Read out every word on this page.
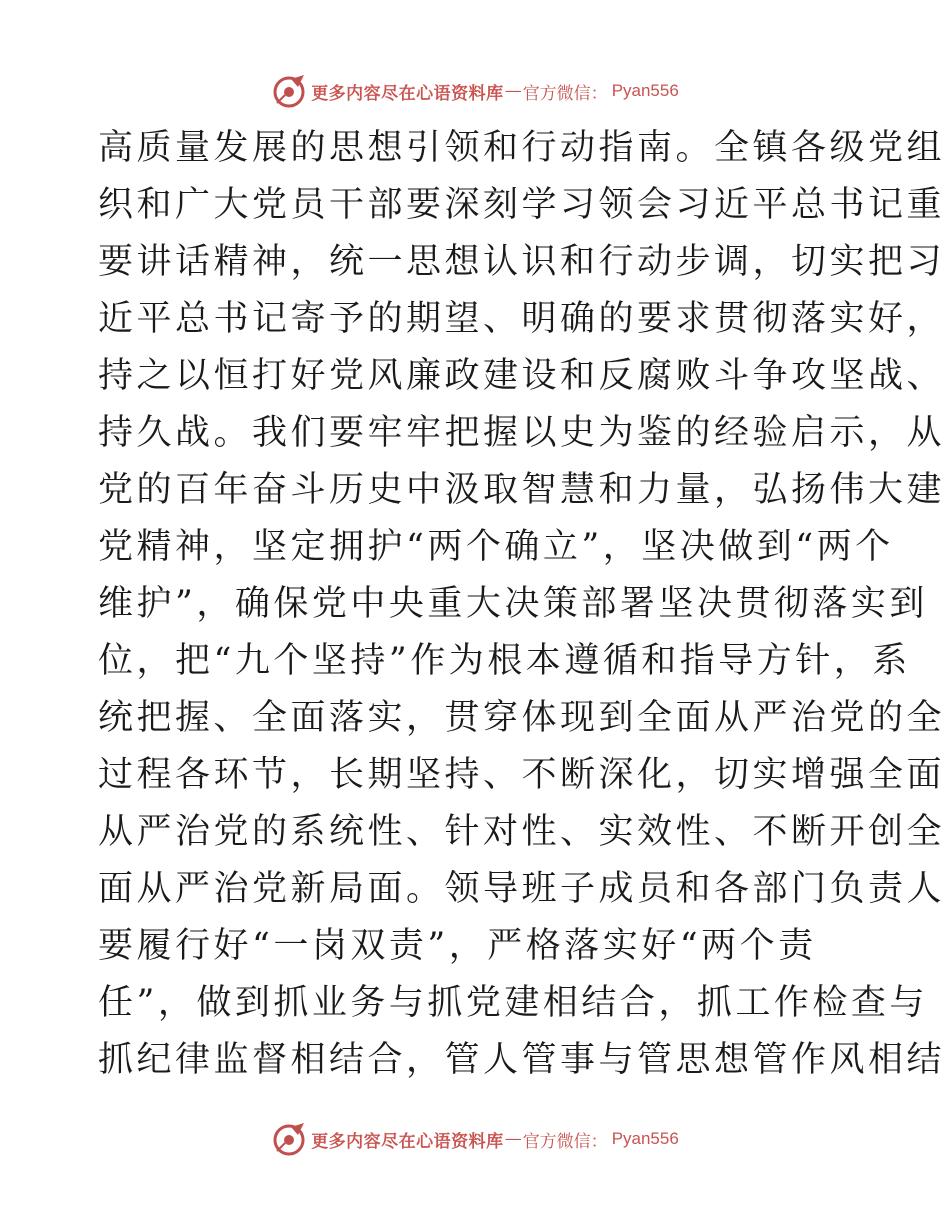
更多内容尽在心语资料库 — 官方微信： Pyan556
高质量发展的思想引领和行动指南。全镇各级党组
织和广大党员干部要深刻学习领会习近平总书记重
要讲话精神，统一思想认识和行动步调，切实把习
近平总书记寄予的期望、明确的要求贯彻落实好，
持之以恒打好党风廉政建设和反腐败斗争攻坚战、
持久战。我们要牢牢把握以史为鉴的经验启示，从
党的百年奋斗历史中汲取智慧和力量，弘扬伟大建
党精神，坚定拥护“两个确立”，坚决做到“两个
维护”，确保党中央重大决策部署坚决贯彻落实到
位，把“九个坚持”作为根本遵循和指导方针，系
统把握、全面落实，贯穿体现到全面从严治党的全
过程各环节，长期坚持、不断深化，切实增强全面
从严治党的系统性、针对性、实效性、不断开创全
面从严治党新局面。领导班子成员和各部门负责人
要履行好“一岗双责”，严格落实好“两个责
任”，做到抓业务与抓党建相结合，抓工作检查与
抓纪律监督相结合，管人管事与管思想管作风相结
更多内容尽在心语资料库 — 官方微信： Pyan556
